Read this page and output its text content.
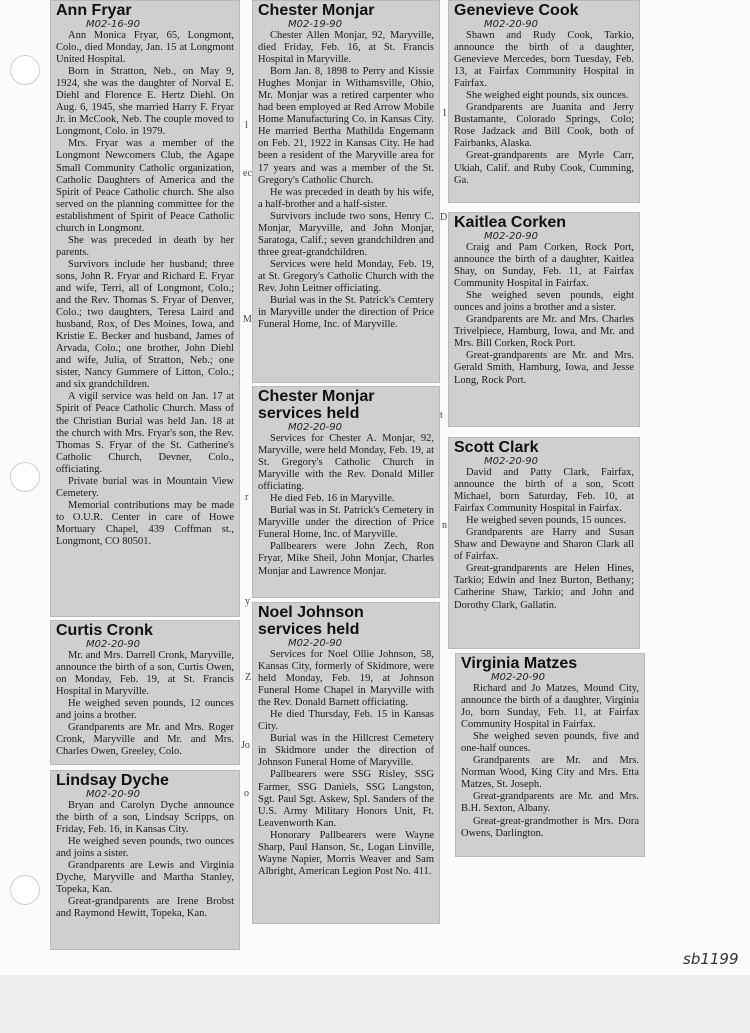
l
ec
I
D
M
t
r
n
y
Z
Jo
o
Ann Fryar

M02-16-90

Ann Monica Fryar, 65, Longmont, Colo., died Monday, Jan. 15 at Longmont United Hospital.

Born in Stratton, Neb., on May 9, 1924, she was the daughter of Norval E. Diehl and Florence E. Hertz Diehl. On Aug. 6, 1945, she married Harry F. Fryar Jr. in McCook, Neb. The couple moved to Longmont, Colo. in 1979.

Mrs. Fryar was a member of the Longmont Newcomers Club, the Agape Small Community Catholic organization, Catholic Daughters of America and the Spirit of Peace Catholic church. She also served on the planning committee for the establishment of Spirit of Peace Catholic church in Longmont.

She was preceded in death by her parents.

Survivors include her husband; three sons, John R. Fryar and Richard E. Fryar and wife, Terri, all of Longmont, Colo.; and the Rev. Thomas S. Fryar of Denver, Colo.; two daughters, Teresa Laird and husband, Rox, of Des Moines, Iowa, and Kristie E. Becker and husband, James of Arvada, Colo.; one brother, John Diehl and wife, Julia, of Stratton, Neb.; one sister, Nancy Gummere of Litton, Colo.; and six grandchildren.

A vigil service was held on Jan. 17 at Spirit of Peace Catholic Church. Mass of the Christian Burial was held Jan. 18 at the church with Mrs. Fryar's son, the Rev. Thomas S. Fryar of the St. Catherine's Catholic Church, Devner, Colo., officiating.

Private burial was in Mountain View Cemetery.

Memorial contributions may be made to O.U.R. Center in care of Howe Mortuary Chapel, 439 Coffman st., Longmont, CO 80501.

Curtis Cronk

M02-20-90

Mr. and Mrs. Darrell Cronk, Maryville, announce the birth of a son, Curtis Owen, on Monday, Feb. 19, at St. Francis Hospital in Maryville.

He weighed seven pounds, 12 ounces and joins a brother.

Grandparents are Mr. and Mrs. Roger Cronk, Maryville and Mr. and Mrs. Charles Owen, Greeley, Colo.

Lindsay Dyche

M02-20-90

Bryan and Carolyn Dyche announce the birth of a son, Lindsay Scripps, on Friday, Feb. 16, in Kansas City.

He weighed seven pounds, two ounces and joins a sister.

Grandparents are Lewis and Virginia Dyche, Maryville and Martha Stanley, Topeka, Kan.

Great-grandparents are Irene Brobst and Raymond Hewitt, Topeka, Kan.

Chester Monjar

M02-19-90

Chester Allen Monjar, 92, Maryville, died Friday, Feb. 16, at St. Francis Hospital in Maryville.

Born Jan. 8, 1898 to Perry and Kissie Hughes Monjar in Withamsville, Ohio, Mr. Monjar was a retired carpenter who had been employed at Red Arrow Mobile Home Manufacturing Co. in Kansas City. He married Bertha Mathilda Engemann on Feb. 21, 1922 in Kansas City. He had been a resident of the Maryville area for 17 years and was a member of the St. Gregory's Catholic Church.

He was preceded in death by his wife, a half-brother and a half-sister.

Survivors include two sons, Henry C. Monjar, Maryville, and John Monjar, Saratoga, Calif.; seven grandchildren and three great-grandchildren.

Services were held Monday, Feb. 19, at St. Gregory's Catholic Church with the Rev. John Leitner officiating.

Burial was in the St. Patrick's Cemtery in Maryville under the direction of Price Funeral Home, Inc. of Maryville.

Chester Monjar
services held

M02-20-90

Services for Chester A. Monjar, 92, Maryville, were held Monday, Feb. 19, at St. Gregory's Catholic Church in Maryville with the Rev. Donald Miller officiating.

He died Feb. 16 in Maryville.

Burial was in St. Patrick's Cemetery in Maryville under the direction of Price Funeral Home, Inc. of Maryville.

Pallbearers were John Zech, Ron Fryar, Mike Sheil, John Monjar, Charles Monjar and Lawrence Monjar.

Noel Johnson
services held

M02-20-90

Services for Noel Ollie Johnson, 58, Kansas City, formerly of Skidmore, were held Monday, Feb. 19, at Johnson Funeral Home Chapel in Maryville with the Rev. Donald Barnett officiating.

He died Thursday, Feb. 15 in Kansas City.

Burial was in the Hillcrest Cemetery in Skidmore under the direction of Johnson Funeral Home of Maryville.

Pallbearers were SSG Risley, SSG Farmer, SSG Daniels, SSG Langston, Sgt. Paul Sgt. Askew, Spl. Sanders of the U.S. Army Military Honors Unit, Ft. Leavenworth Kan.

Honorary Pallbearers were Wayne Sharp, Paul Hanson, Sr., Logan Linville, Wayne Napier, Morris Weaver and Sam Albright, American Legion Post No. 411.

Genevieve Cook

M02-20-90

Shawn and Rudy Cook, Tarkio, announce the birth of a daughter, Genevieve Mercedes, born Tuesday, Feb. 13, at Fairfax Community Hospital in Fairfax.

She weighed eight pounds, six ounces.

Grandparents are Juanita and Jerry Bustamante, Colorado Springs, Colo; Rose Jadzack and Bill Cook, both of Fairbanks, Alaska.

Great-grandparents are Myrle Carr, Ukiah, Calif. and Ruby Cook, Cumming, Ga.

Kaitlea Corken

M02-20-90

Craig and Pam Corken, Rock Port, announce the birth of a daughter, Kaitlea Shay, on Sunday, Feb. 11, at Fairfax Community Hospital in Fairfax.

She weighed seven pounds, eight ounces and joins a brother and a sister.

Grandparents are Mr. and Mrs. Charles Trivelpiece, Hamburg, Iowa, and Mr. and Mrs. Bill Corken, Rock Port.

Great-grandparents are Mr. and Mrs. Gerald Smith, Hamburg, Iowa, and Jesse Long, Rock Port.

Scott Clark

M02-20-90

David and Patty Clark, Fairfax, announce the birth of a son, Scott Michael, born Saturday, Feb. 10, at Fairfax Community Hospital in Fairfax.

He weighed seven pounds, 15 ounces.

Grandparents are Harry and Susan Shaw and Dewayne and Sharon Clark all of Fairfax.

Great-grandparents are Helen Hines, Tarkio; Edwin and Inez Burton, Bethany; Catherine Shaw, Tarkio; and John and Dorothy Clark, Gallatin.

Virginia Matzes

M02-20-90

Richard and Jo Matzes, Mound City, announce the birth of a daughter, Virginia Jo, born Sunday, Feb. 11, at Fairfax Community Hospital in Fairfax.

She weighed seven pounds, five and one-half ounces.

Grandparents are Mr. and Mrs. Norman Wood, King City and Mrs. Etta Matzes, St. Joseph.

Great-grandparents are Mr. and Mrs. B.H. Sexton, Albany.

Great-great-grandmother is Mrs. Dora Owens, Darlington.

sb1199
